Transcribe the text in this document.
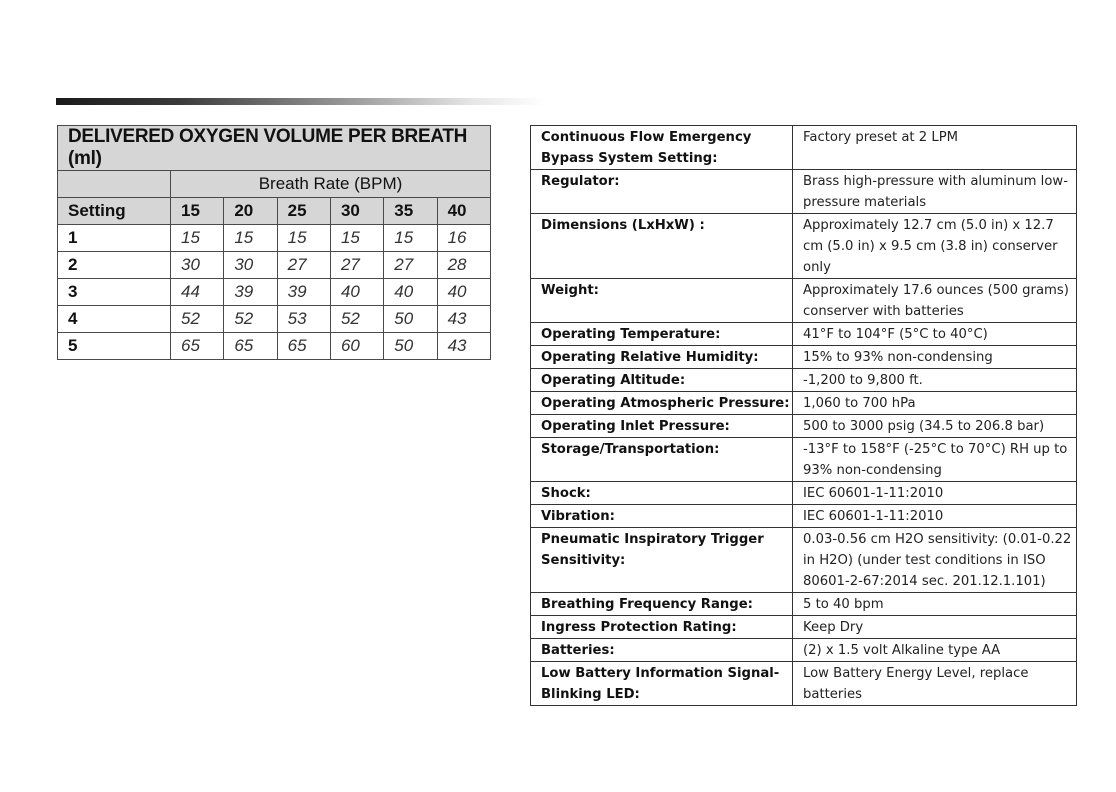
DELIVERED OXYGEN VOLUME PER BREATH (ml)						
	Breath Rate (BPM)					
Setting	15	20	25	30	35	40
1	15	15	15	15	15	16
2	30	30	27	27	27	28
3	44	39	39	40	40	40
4	52	52	53	52	50	43
5	65	65	65	60	50	43
Continuous Flow Emergency Bypass System Setting:	Factory preset at 2 LPM
Regulator:	Brass high-pressure with aluminum low-pressure materials
Dimensions (LxHxW) :	Approximately 12.7 cm (5.0 in) x 12.7 cm (5.0 in) x 9.5 cm (3.8 in) conserver only
Weight:	Approximately 17.6 ounces (500 grams) conserver with batteries
Operating Temperature:	41°F to 104°F (5°C to 40°C)
Operating Relative Humidity:	15% to 93% non-condensing
Operating Altitude:	-1,200 to 9,800 ft.
Operating Atmospheric Pressure:	1,060 to 700 hPa
Operating Inlet Pressure:	500 to 3000 psig (34.5 to 206.8 bar)
Storage/Transportation:	-13°F to 158°F (-25°C to 70°C) RH up to 93% non-condensing
Shock:	IEC 60601-1-11:2010
Vibration:	IEC 60601-1-11:2010
Pneumatic Inspiratory Trigger Sensitivity:	0.03-0.56 cm H2O sensitivity: (0.01-0.22 in H2O) (under test conditions in ISO 80601-2-67:2014 sec. 201.12.1.101)
Breathing Frequency Range:	5 to 40 bpm
Ingress Protection Rating:	Keep Dry
Batteries:	(2) x 1.5 volt Alkaline type AA
Low Battery Information Signal-Blinking LED:	Low Battery Energy Level, replace batteries
